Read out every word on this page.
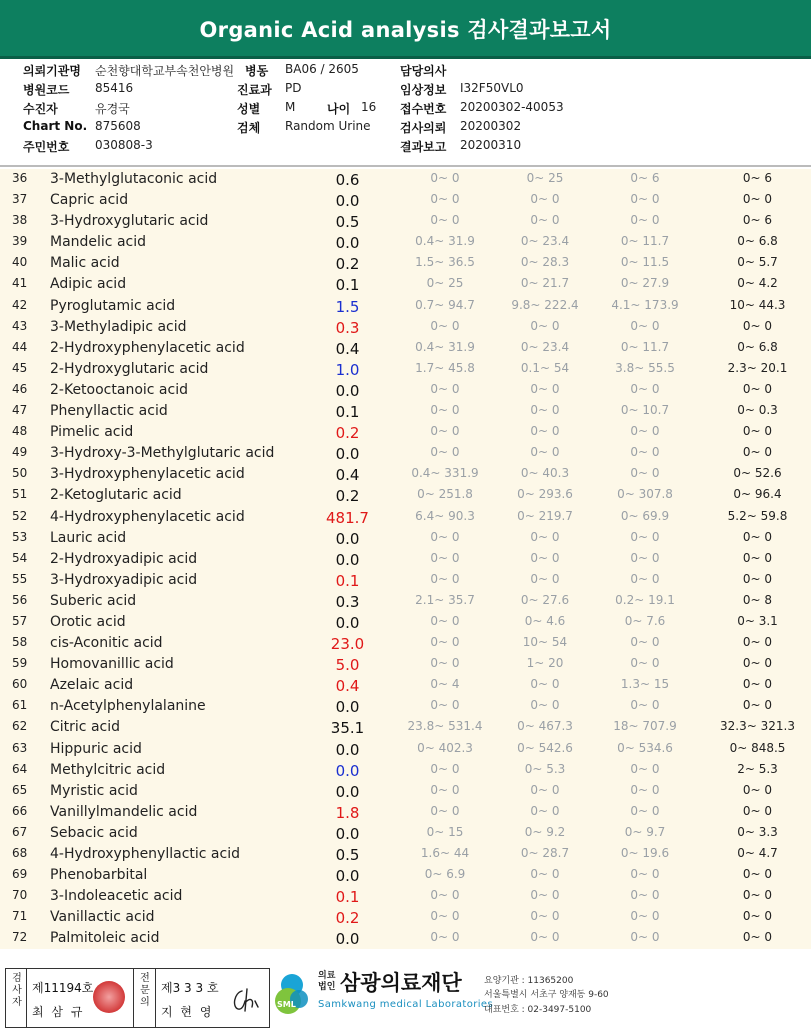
Organic Acid analysis 검사결과보고서
의뢰기관명 순천향대학교부속천안병원 병동 BA06 / 2605	담당의사
병원코드 85416	진료과 PD	임상정보 I32F50VL0
수진자	유경국	성별 M	나이 16 접수번호 20200302-40053
Chart No. 875608	검체 Random Urine 검사의뢰 20200302
주민번호 030808-3	결과보고 20200310
36 3-Methylglutaconic acid	0.6	0~ 0	0~ 25	0~ 6	0~ 6
37 Capric acid	0.0	0~ 0	0~ 0	0~ 0	0~ 0
38 3-Hydroxyglutaric acid	0.5	0~ 0	0~ 0	0~ 0	0~ 6
39 Mandelic acid	0.0	0.4~ 31.9	0~ 23.4	0~ 11.7	0~ 6.8
40 Malic acid	0.2	1.5~ 36.5	0~ 28.3	0~ 11.5	0~ 5.7
41 Adipic acid	0.1	0~ 25	0~ 21.7	0~ 27.9	0~ 4.2
42 Pyroglutamic acid	1.5	0.7~ 94.7	9.8~ 222.4	4.1~ 173.9	10~ 44.3
43 3-Methyladipic acid	0.3	0~ 0	0~ 0	0~ 0	0~ 0
44 2-Hydroxyphenylacetic acid	0.4	0.4~ 31.9	0~ 23.4	0~ 11.7	0~ 6.8
45 2-Hydroxyglutaric acid	1.0	1.7~ 45.8	0.1~ 54	3.8~ 55.5	2.3~ 20.1
46 2-Ketooctanoic acid	0.0	0~ 0	0~ 0	0~ 0	0~ 0
47 Phenyllactic acid	0.1	0~ 0	0~ 0	0~ 10.7	0~ 0.3
48 Pimelic acid	0.2	0~ 0	0~ 0	0~ 0	0~ 0
49 3-Hydroxy-3-Methylglutaric acid	0.0	0~ 0	0~ 0	0~ 0	0~ 0
50 3-Hydroxyphenylacetic acid	0.4	0.4~ 331.9	0~ 40.3	0~ 0	0~ 52.6
51 2-Ketoglutaric acid	0.2	0~ 251.8	0~ 293.6	0~ 307.8	0~ 96.4
52 4-Hydroxyphenylacetic acid	481.7	6.4~ 90.3	0~ 219.7	0~ 69.9	5.2~ 59.8
53 Lauric acid	0.0	0~ 0	0~ 0	0~ 0	0~ 0
54 2-Hydroxyadipic acid	0.0	0~ 0	0~ 0	0~ 0	0~ 0
55 3-Hydroxyadipic acid	0.1	0~ 0	0~ 0	0~ 0	0~ 0
56 Suberic acid	0.3	2.1~ 35.7	0~ 27.6	0.2~ 19.1	0~ 8
57 Orotic acid	0.0	0~ 0	0~ 4.6	0~ 7.6	0~ 3.1
58 cis-Aconitic acid	23.0	0~ 0	10~ 54	0~ 0	0~ 0
59 Homovanillic acid	5.0	0~ 0	1~ 20	0~ 0	0~ 0
60 Azelaic acid	0.4	0~ 4	0~ 0	1.3~ 15	0~ 0
61 n-Acetylphenylalanine	0.0	0~ 0	0~ 0	0~ 0	0~ 0
62 Citric acid	35.1	23.8~ 531.4	0~ 467.3	18~ 707.9	32.3~ 321.3
63 Hippuric acid	0.0	0~ 402.3	0~ 542.6	0~ 534.6	0~ 848.5
64 Methylcitric acid	0.0	0~ 0	0~ 5.3	0~ 0	2~ 5.3
65 Myristic acid	0.0	0~ 0	0~ 0	0~ 0	0~ 0
66 Vanillylmandelic acid	1.8	0~ 0	0~ 0	0~ 0	0~ 0
67 Sebacic acid	0.0	0~ 15	0~ 9.2	0~ 9.7	0~ 3.3
68 4-Hydroxyphenyllactic acid	0.5	1.6~ 44	0~ 28.7	0~ 19.6	0~ 4.7
69 Phenobarbital	0.0	0~ 6.9	0~ 0	0~ 0	0~ 0
70 3-Indoleacetic acid	0.1	0~ 0	0~ 0	0~ 0	0~ 0
71 Vanillactic acid	0.2	0~ 0	0~ 0	0~ 0	0~ 0
72 Palmitoleic acid	0.0	0~ 0	0~ 0	0~ 0	0~ 0
검사자
제11194호
최 삼 규
전문의
제3 3 3 호
지 현 영
SML
의료법인 삼광의료재단
Samkwang medical Laboratories
요양기관 : 11365200
서울특별시 서초구 양재동 9-60
대표번호 : 02-3497-5100
